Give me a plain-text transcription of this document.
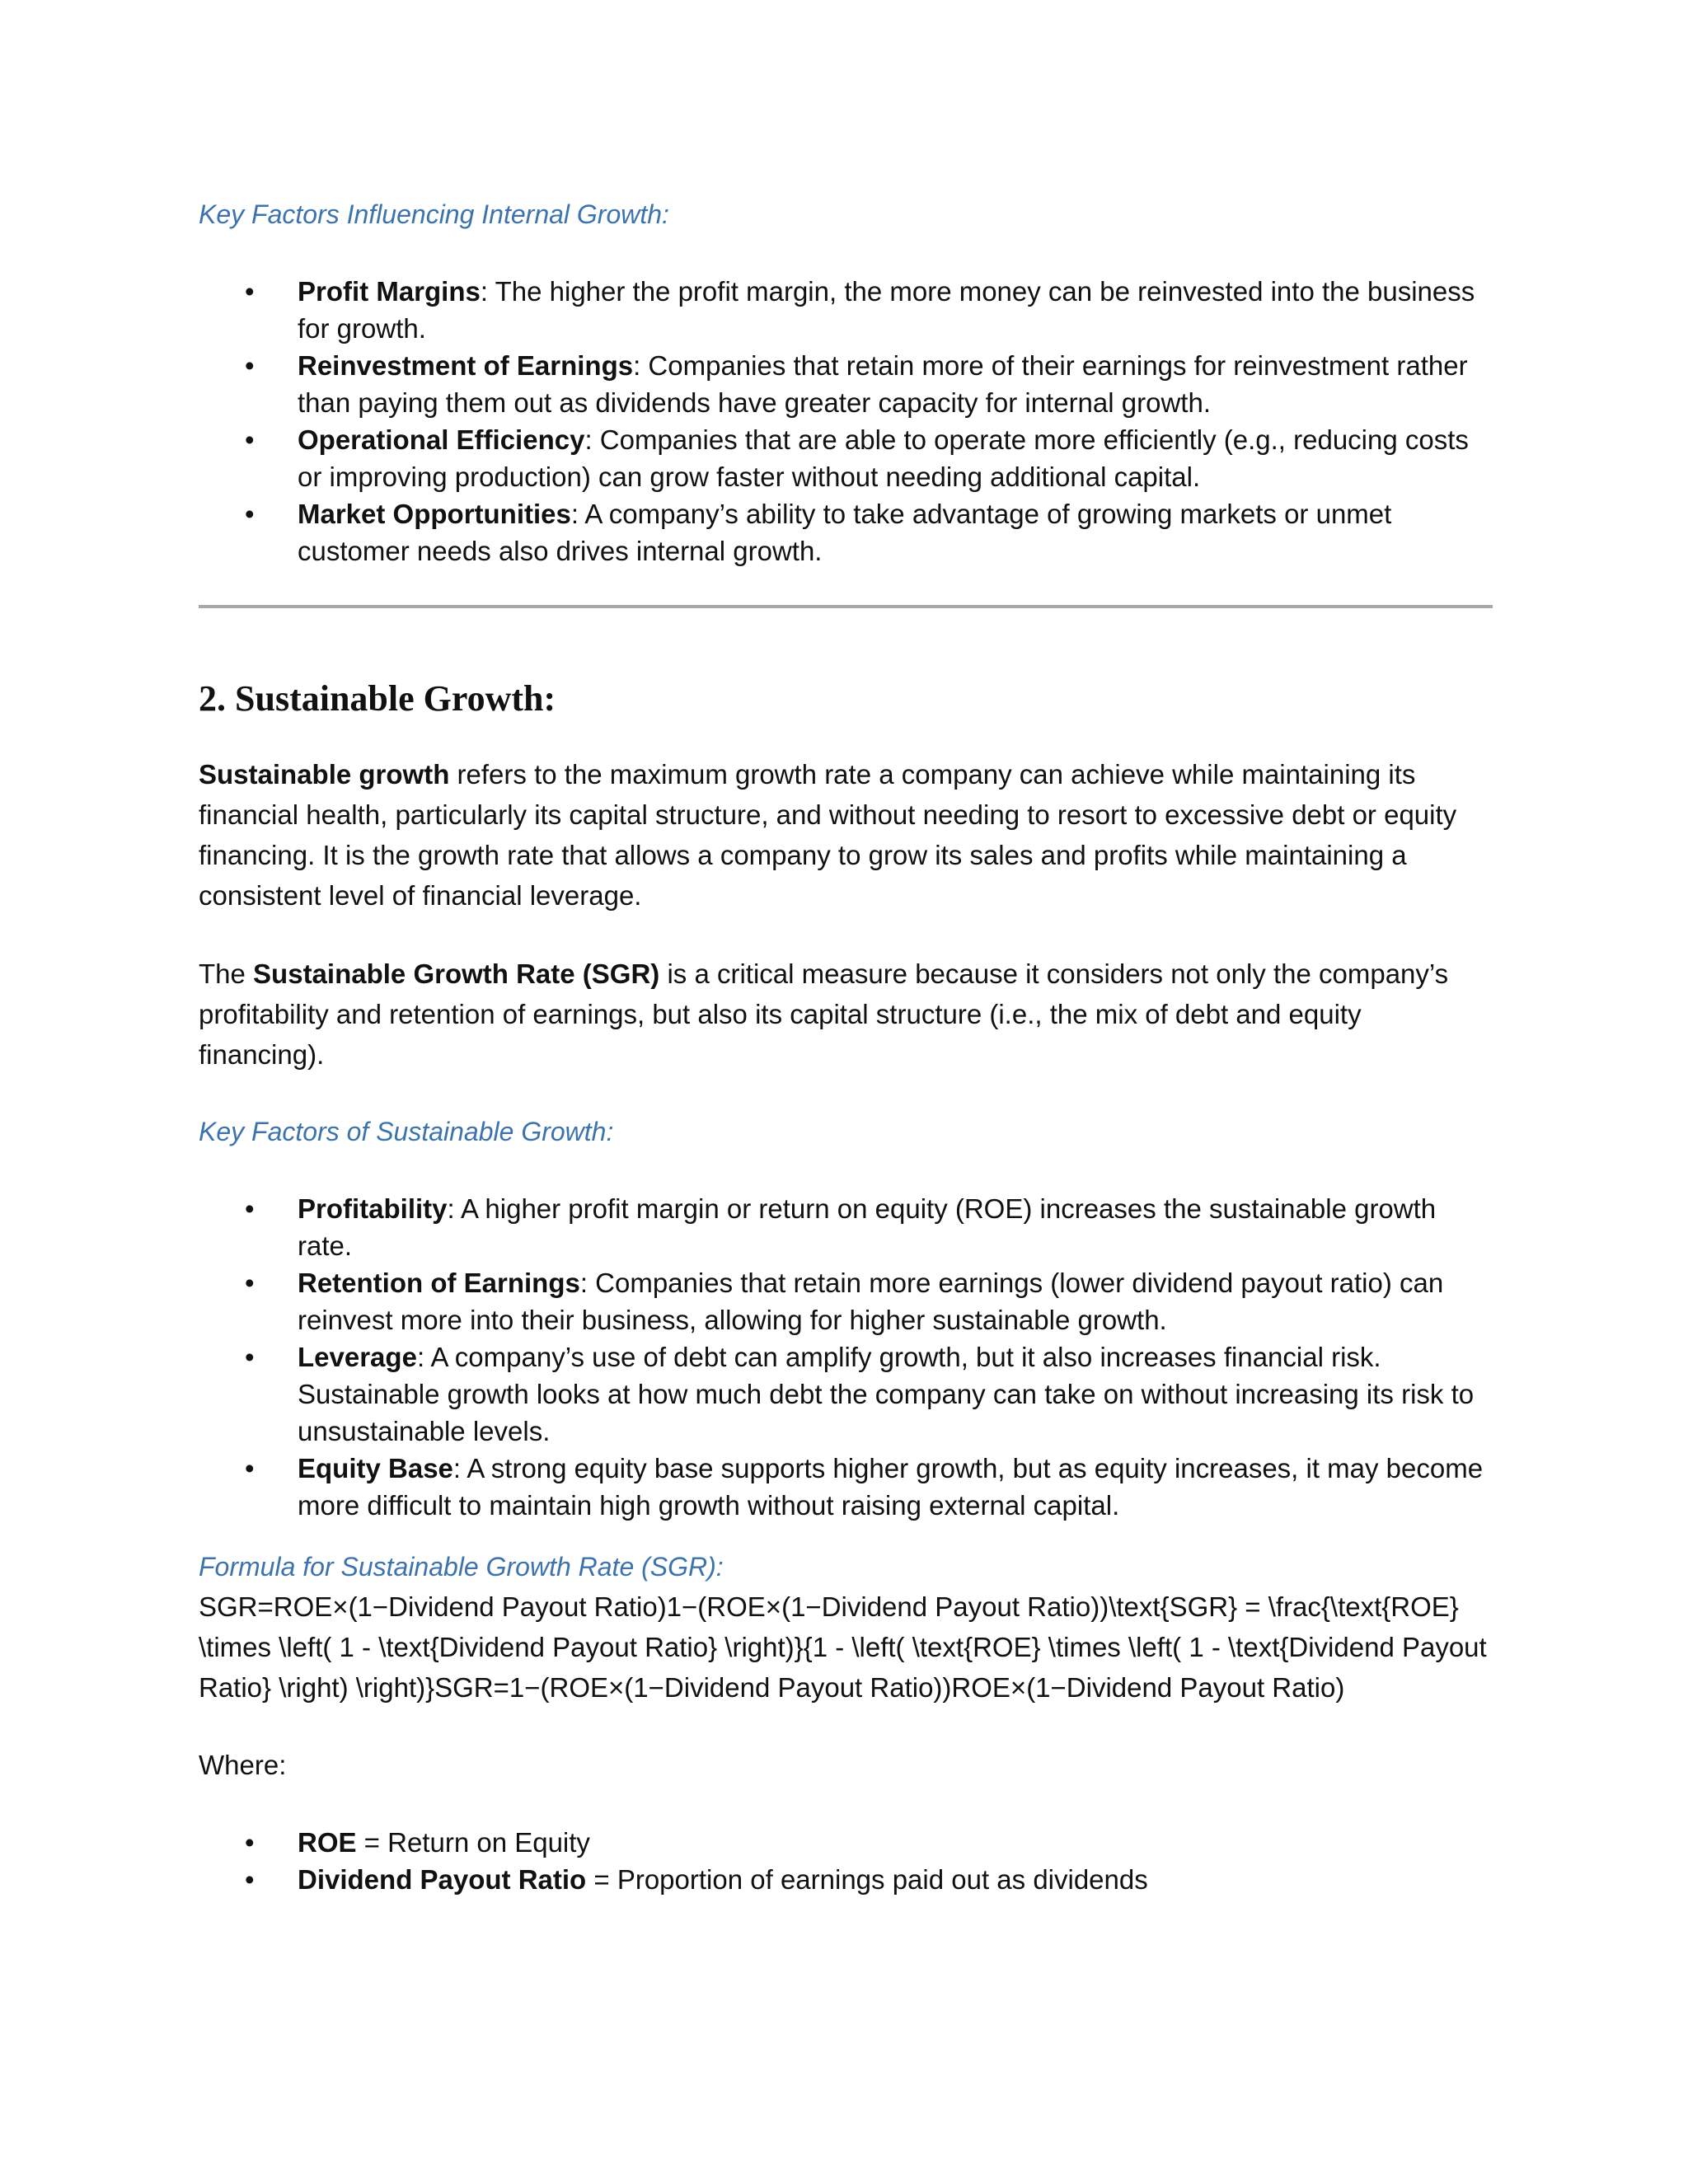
Key Factors Influencing Internal Growth:

• Profit Margins: The higher the profit margin, the more money can be reinvested into the business for growth.
• Reinvestment of Earnings: Companies that retain more of their earnings for reinvestment rather than paying them out as dividends have greater capacity for internal growth.
• Operational Efficiency: Companies that are able to operate more efficiently (e.g., reducing costs or improving production) can grow faster without needing additional capital.
• Market Opportunities: A company’s ability to take advantage of growing markets or unmet customer needs also drives internal growth.
2. Sustainable Growth:

Sustainable growth refers to the maximum growth rate a company can achieve while maintaining its financial health, particularly its capital structure, and without needing to resort to excessive debt or equity financing. It is the growth rate that allows a company to grow its sales and profits while maintaining a consistent level of financial leverage.

The Sustainable Growth Rate (SGR) is a critical measure because it considers not only the company’s profitability and retention of earnings, but also its capital structure (i.e., the mix of debt and equity financing).

Key Factors of Sustainable Growth:

• Profitability: A higher profit margin or return on equity (ROE) increases the sustainable growth rate.
• Retention of Earnings: Companies that retain more earnings (lower dividend payout ratio) can reinvest more into their business, allowing for higher sustainable growth.
• Leverage: A company’s use of debt can amplify growth, but it also increases financial risk. Sustainable growth looks at how much debt the company can take on without increasing its risk to unsustainable levels.
• Equity Base: A strong equity base supports higher growth, but as equity increases, it may become more difficult to maintain high growth without raising external capital.

Formula for Sustainable Growth Rate (SGR):

SGR=ROE×(1−Dividend Payout Ratio)1−(ROE×(1−Dividend Payout Ratio))\text{SGR} = \frac{\text{ROE} \times \left( 1 - \text{Dividend Payout Ratio} \right)}{1 - \left( \text{ROE} \times \left( 1 - \text{Dividend Payout Ratio} \right) \right)}SGR=1−(ROE×(1−Dividend Payout Ratio))ROE×(1−Dividend Payout Ratio)

Where:

• ROE = Return on Equity
• Dividend Payout Ratio = Proportion of earnings paid out as dividends
